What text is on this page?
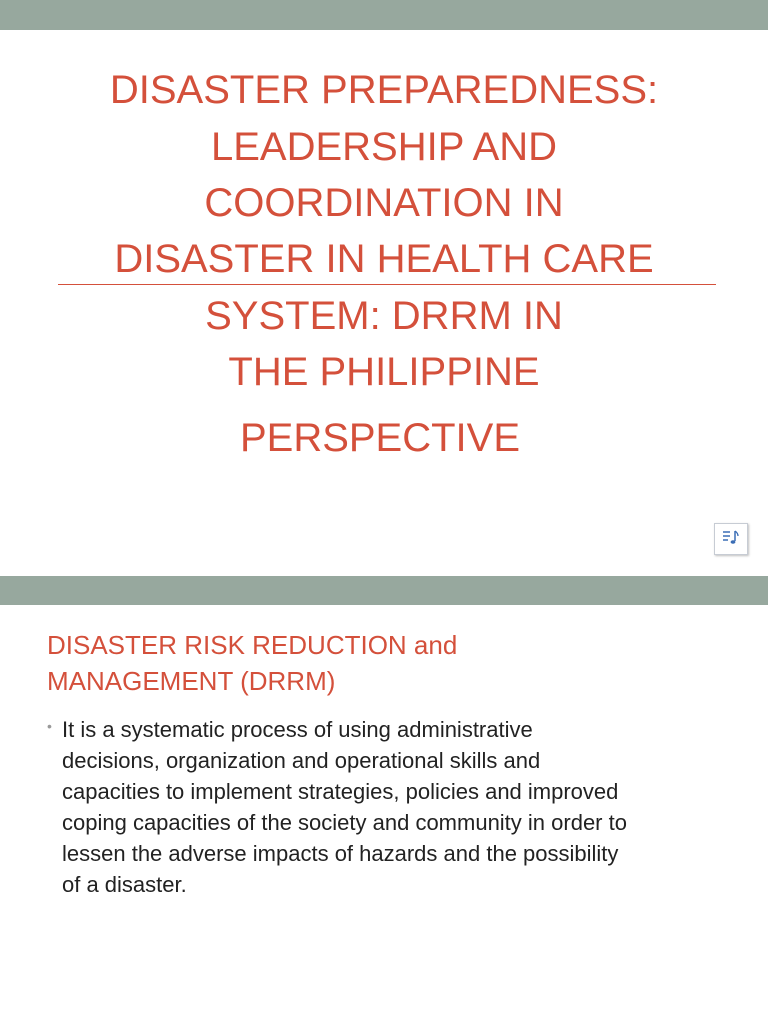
DISASTER PREPAREDNESS:
LEADERSHIP AND
COORDINATION IN
DISASTER IN HEALTH CARE
SYSTEM: DRRM IN
THE PHILIPPINE
PERSPECTIVE
DISASTER RISK REDUCTION and
MANAGEMENT (DRRM)
• It is a systematic process of using administrative
decisions, organization and operational skills and
capacities to implement strategies, policies and improved
coping capacities of the society and community in order to
lessen the adverse impacts of hazards and the possibility
of a disaster.
